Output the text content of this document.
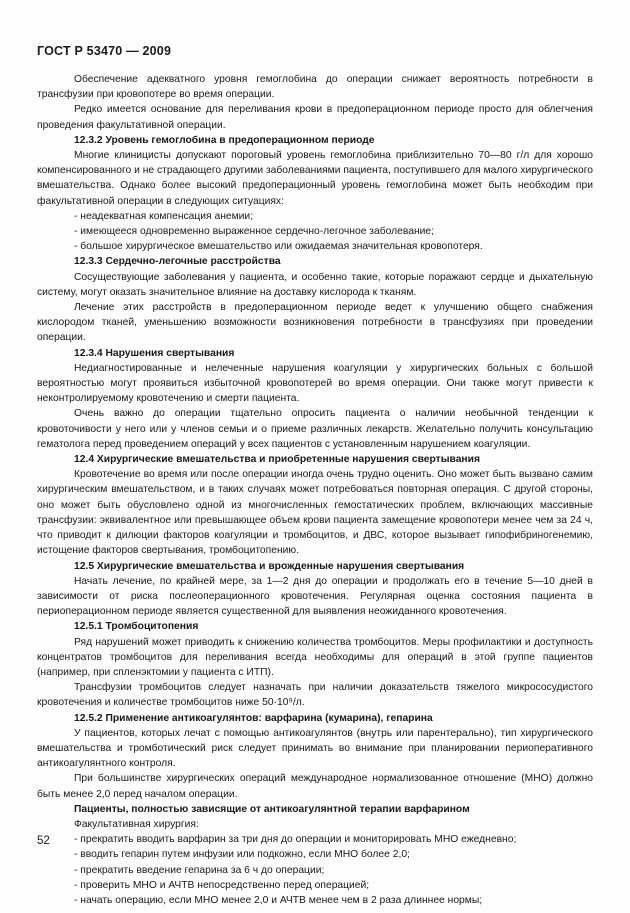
ГОСТ Р 53470 — 2009

Обеспечение адекватного уровня гемоглобина до операции снижает вероятность потребности в трансфузии при кровопотере во время операции.

Редко имеется основание для переливания крови в предоперационном периоде просто для облегчения проведения факультативной операции.

12.3.2 Уровень гемоглобина в предоперационном периоде

Многие клиницисты допускают пороговый уровень гемоглобина приблизительно 70—80 г/л для хорошо компенсированного и не страдающего другими заболеваниями пациента, поступившего для малого хирургического вмешательства. Однако более высокий предоперационный уровень гемоглобина может быть необходим при факультативной операции в следующих ситуациях:

- неадекватная компенсация анемии;

- имеющееся одновременно выраженное сердечно-легочное заболевание;

- большое хирургическое вмешательство или ожидаемая значительная кровопотеря.

12.3.3 Сердечно-легочные расстройства

Сосуществующие заболевания у пациента, и особенно такие, которые поражают сердце и дыхательную систему, могут оказать значительное влияние на доставку кислорода к тканям.

Лечение этих расстройств в предоперационном периоде ведет к улучшению общего снабжения кислородом тканей, уменьшению возможности возникновения потребности в трансфузиях при проведении операции.

12.3.4 Нарушения свертывания

Недиагностированные и нелеченные нарушения коагуляции у хирургических больных с большой вероятностью могут проявиться избыточной кровопотерей во время операции. Они также могут привести к неконтролируемому кровотечению и смерти пациента.

Очень важно до операции тщательно опросить пациента о наличии необычной тенденции к кровоточивости у него или у членов семьи и о приеме различных лекарств. Желательно получить консультацию гематолога перед проведением операций у всех пациентов с установленным нарушением коагуляции.

12.4 Хирургические вмешательства и приобретенные нарушения свертывания

Кровотечение во время или после операции иногда очень трудно оценить. Оно может быть вызвано самим хирургическим вмешательством, и в таких случаях может потребоваться повторная операция. С другой стороны, оно может быть обусловлено одной из многочисленных гемостатических проблем, включающих массивные трансфузии: эквивалентное или превышающее объем крови пациента замещение кровопотери менее чем за 24 ч, что приводит к дилюции факторов коагуляции и тромбоцитов, и ДВС, которое вызывает гипофибриногенемию, истощение факторов свертывания, тромбоцитопению.

12.5 Хирургические вмешательства и врожденные нарушения свертывания

Начать лечение, по крайней мере, за 1—2 дня до операции и продолжать его в течение 5—10 дней в зависимости от риска послеоперационного кровотечения. Регулярная оценка состояния пациента в периоперационном периоде является существенной для выявления неожиданного кровотечения.

12.5.1 Тромбоцитопения

Ряд нарушений может приводить к снижению количества тромбоцитов. Меры профилактики и доступность концентратов тромбоцитов для переливания всегда необходимы для операций в этой группе пациентов (например, при спленэктомии у пациента с ИТП).

Трансфузии тромбоцитов следует назначать при наличии доказательств тяжелого микрососудистого кровотечения и количестве тромбоцитов ниже 50·10⁹/л.

12.5.2 Применение антикоагулянтов: варфарина (кумарина), гепарина

У пациентов, которых лечат с помощью антикоагулянтов (внутрь или парентерально), тип хирургического вмешательства и тромботический риск следует принимать во внимание при планировании периоперативного антикоагулянтного контроля.

При большинстве хирургических операций международное нормализованное отношение (МНО) должно быть менее 2,0 перед началом операции.

Пациенты, полностью зависящие от антикоагулянтной терапии варфарином

Факультативная хирургия:

- прекратить вводить варфарин за три дня до операции и мониторировать МНО ежедневно;

- вводить гепарин путем инфузии или подкожно, если МНО более 2,0;

- прекратить введение гепарина за 6 ч до операции;

- проверить МНО и АЧТВ непосредственно перед операцией;

- начать операцию, если МНО менее 2,0 и АЧТВ менее чем в 2 раза длиннее нормы;

52
